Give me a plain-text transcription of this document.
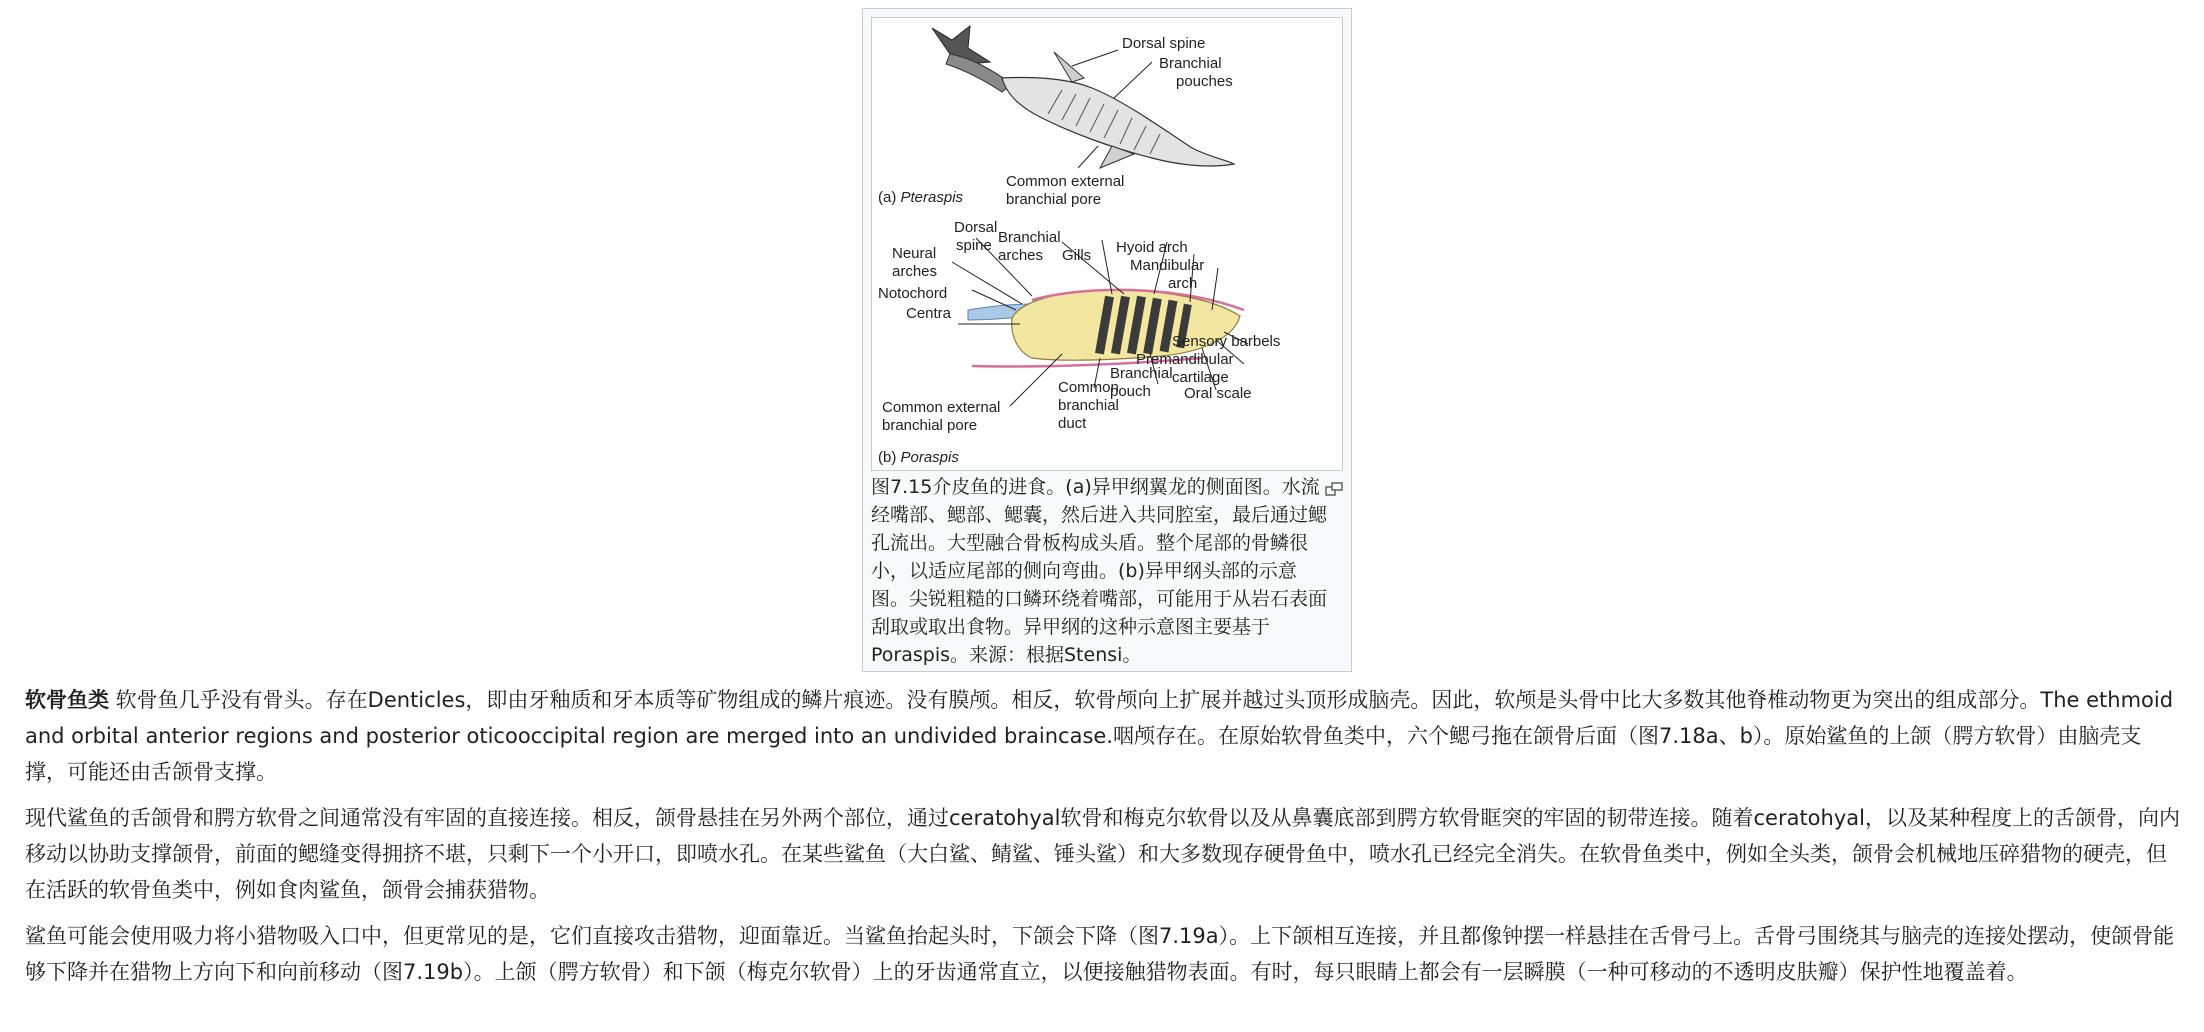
Dorsal spine
Branchial
pouches
Common external
branchial pore
(a) Pteraspis
Dorsal
spine
Neural
arches
Notochord
Centra
Branchial
arches Gills Hyoid arch
Mandibular
arch
Sensory barbels
Premandibular
cartilage
Branchial
pouch Oral scale
Common
branchial
duct
Common external
branchial pore
(b) Poraspis
图7.15介皮鱼的进食。(a)异甲纲翼龙的侧面图。水流经嘴部、鳃部、鳃囊，然后进入共同腔室，最后通过鳃孔流出。大型融合骨板构成头盾。整个尾部的骨鳞很小，以适应尾部的侧向弯曲。(b)异甲纲头部的示意图。尖锐粗糙的口鳞环绕着嘴部，可能用于从岩石表面刮取或取出食物。异甲纲的这种示意图主要基于Poraspis。来源：根据Stensi。

软骨鱼类 软骨鱼几乎没有骨头。存在Denticles，即由牙釉质和牙本质等矿物组成的鳞片痕迹。没有膜颅。相反，软骨颅向上扩展并越过头顶形成脑壳。因此，软颅是头骨中比大多数其他脊椎动物更为突出的组成部分。The ethmoid and orbital anterior regions and posterior oticooccipital region are merged into an undivided braincase.咽颅存在。在原始软骨鱼类中，六个鳃弓拖在颌骨后面（图7.18a、b）。原始鲨鱼的上颌（腭方软骨）由脑壳支撑，可能还由舌颌骨支撑。

现代鲨鱼的舌颌骨和腭方软骨之间通常没有牢固的直接连接。相反，颌骨悬挂在另外两个部位，通过ceratohyal软骨和梅克尔软骨以及从鼻囊底部到腭方软骨眶突的牢固的韧带连接。随着ceratohyal，以及某种程度上的舌颌骨，向内移动以协助支撑颌骨，前面的鳃缝变得拥挤不堪，只剩下一个小开口，即喷水孔。在某些鲨鱼（大白鲨、鲭鲨、锤头鲨）和大多数现存硬骨鱼中，喷水孔已经完全消失。在软骨鱼类中，例如全头类，颌骨会机械地压碎猎物的硬壳，但在活跃的软骨鱼类中，例如食肉鲨鱼，颌骨会捕获猎物。

鲨鱼可能会使用吸力将小猎物吸入口中，但更常见的是，它们直接攻击猎物，迎面靠近。当鲨鱼抬起头时，下颌会下降（图7.19a）。上下颌相互连接，并且都像钟摆一样悬挂在舌骨弓上。舌骨弓围绕其与脑壳的连接处摆动，使颌骨能够下降并在猎物上方向下和向前移动（图7.19b）。上颌（腭方软骨）和下颌（梅克尔软骨）上的牙齿通常直立，以便接触猎物表面。有时，每只眼睛上都会有一层瞬膜（一种可移动的不透明皮肤瓣）保护性地覆盖着。
